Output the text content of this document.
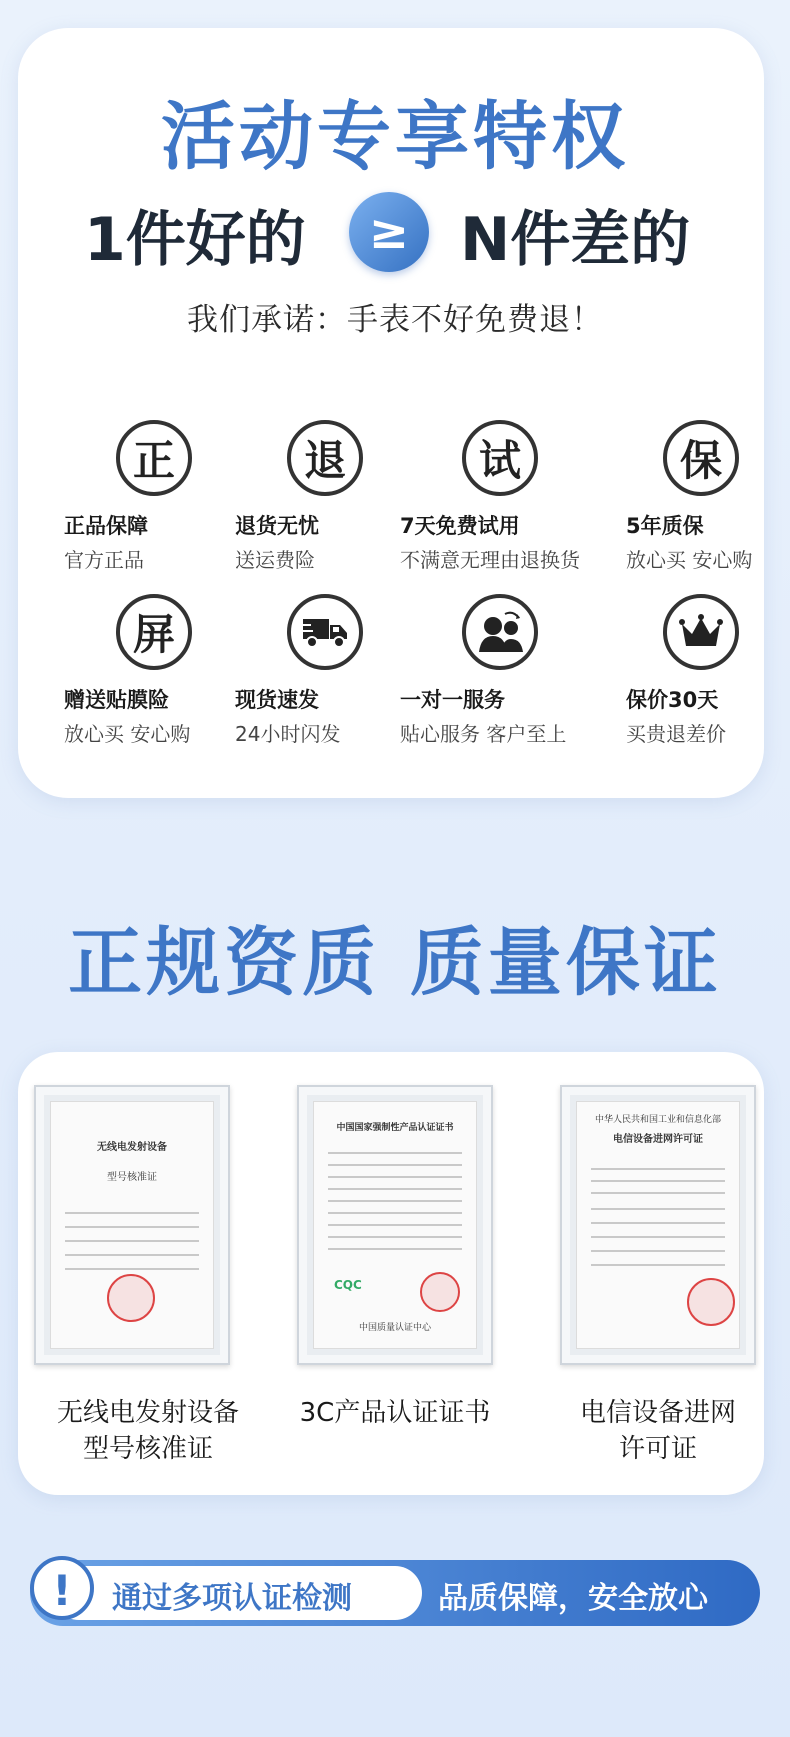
活动专享特权
1件好的	≥ N件差的
我们承诺：手表不好免费退！
正
正品保障
官方正品
退
退货无忧
送运费险
试
7天免费试用
不满意无理由退换货
保
5年质保
放心买 安心购
屏
赠送贴膜险
放心买 安心购
现货速发
24小时闪发
一对一服务
贴心服务 客户至上
保价30天
买贵退差价
正规资质 质量保证
无线电发射设备
型号核准证
中国国家强制性产品认证证书
CQC
中国质量认证中心
中华人民共和国工业和信息化部
电信设备进网许可证
无线电发射设备
型号核准证
3C产品认证证书	电信设备进网
许可证
!	通过多项认证检测	品质保障，安全放心
